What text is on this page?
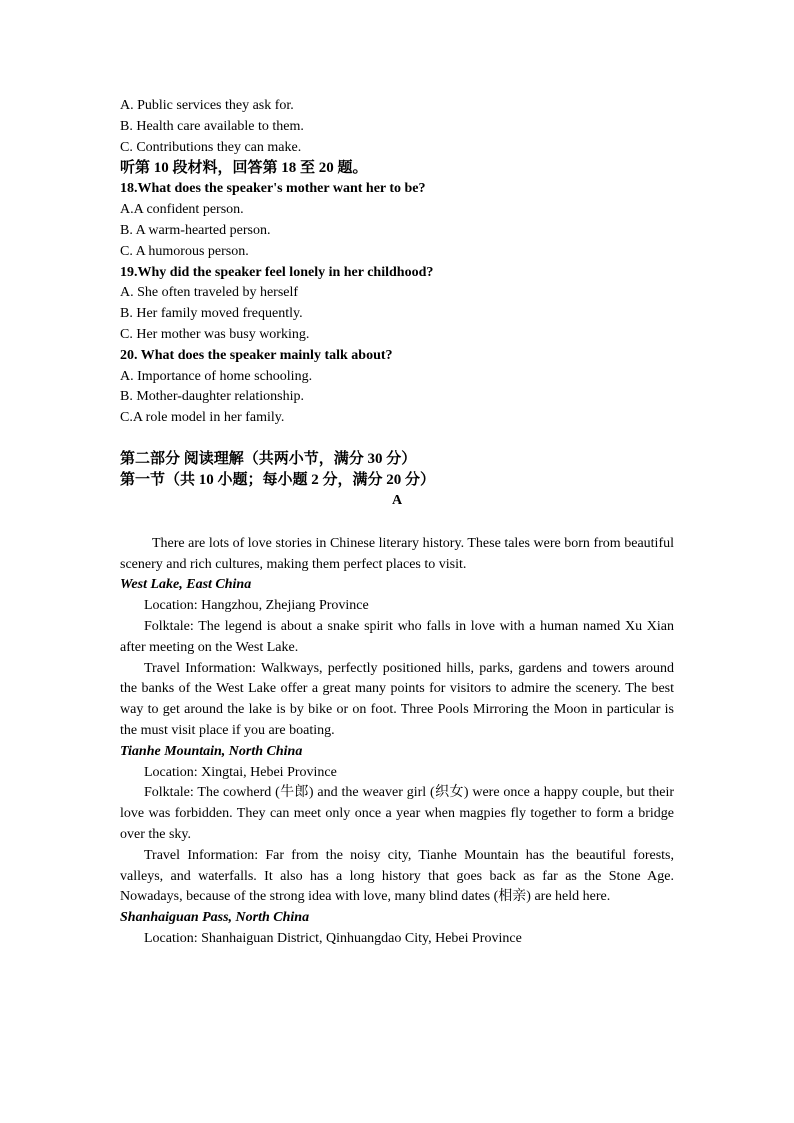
A. Public services they ask for.
B. Health care available to them.
C. Contributions they can make.
听第 10 段材料，回答第 18 至 20 题。
18.What does the speaker's mother want her to be?
A.A confident person.
B. A warm-hearted person.
C. A humorous person.
19.Why did the speaker feel lonely in her childhood?
A. She often traveled by herself
B. Her family moved frequently.
C. Her mother was busy working.
20. What does the speaker mainly talk about?
A. Importance of home schooling.
B. Mother-daughter relationship.
C.A role model in her family.
第二部分 阅读理解（共两小节，满分 30 分）
第一节（共 10 小题；每小题 2 分，满分 20 分）
A
There are lots of love stories in Chinese literary history. These tales were born from beautiful scenery and rich cultures, making them perfect places to visit.
West Lake, East China
Location: Hangzhou, Zhejiang Province
Folktale: The legend is about a snake spirit who falls in love with a human named Xu Xian after meeting on the West Lake.
Travel Information: Walkways, perfectly positioned hills, parks, gardens and towers around the banks of the West Lake offer a great many points for visitors to admire the scenery. The best way to get around the lake is by bike or on foot. Three Pools Mirroring the Moon in particular is the must visit place if you are boating.
Tianhe Mountain, North China
Location: Xingtai, Hebei Province
Folktale: The cowherd (牛郎) and the weaver girl (织女) were once a happy couple, but their love was forbidden. They can meet only once a year when magpies fly together to form a bridge over the sky.
Travel Information: Far from the noisy city, Tianhe Mountain has the beautiful forests, valleys, and waterfalls. It also has a long history that goes back as far as the Stone Age. Nowadays, because of the strong idea with love, many blind dates (相亲) are held here.
Shanhaiguan Pass, North China
Location: Shanhaiguan District, Qinhuangdao City, Hebei Province
